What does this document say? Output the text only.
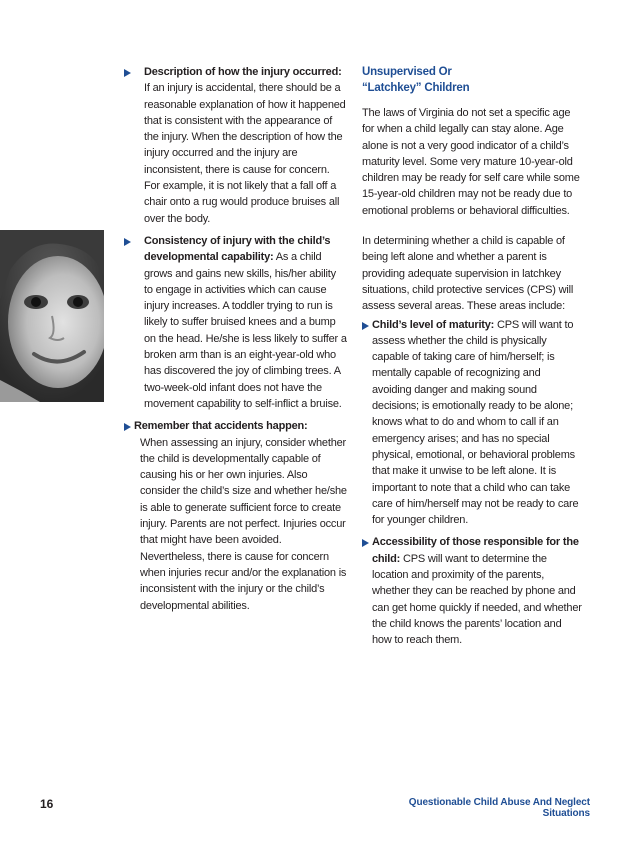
Description of how the injury occurred:
If an injury is accidental, there should be a reasonable explanation of how it happened that is consistent with the appearance of the injury. When the description of how the injury occurred and the injury are inconsistent, there is cause for concern. For example, it is not likely that a fall off a chair onto a rug would produce bruises all over the body.
Consistency of injury with the child’s developmental capability: As a child grows and gains new skills, his/her ability to engage in activities which can cause injury increases. A toddler trying to run is likely to suffer bruised knees and a bump on the head. He/she is less likely to suffer a broken arm than is an eight-year-old who has discovered the joy of climbing trees. A two-week-old infant does not have the movement capability to self-inflict a bruise.
Remember that accidents happen:
When assessing an injury, consider whether the child is developmentally capable of causing his or her own injuries. Also consider the child’s size and whether he/she is able to generate sufficient force to create injury. Parents are not perfect. Injuries occur that might have been avoided. Nevertheless, there is cause for concern when injuries recur and/or the explanation is inconsistent with the injury or the child’s developmental abilities.
Unsupervised Or
“Latchkey” Children

The laws of Virginia do not set a specific age for when a child legally can stay alone. Age alone is not a very good indicator of a child’s maturity level. Some very mature 10-year-old children may be ready for self care while some 15-year-old children may not be ready due to emotional problems or behavioral difficulties.

In determining whether a child is capable of being left alone and whether a parent is providing adequate supervision in latchkey situations, child protective services (CPS) will assess several areas. These areas include:

Child’s level of maturity: CPS will want to assess whether the child is physically capable of taking care of him/herself; is mentally capable of recognizing and avoiding danger and making sound decisions; is emotionally ready to be alone; knows what to do and whom to call if an emergency arises; and has no special physical, emotional, or behavioral problems that make it unwise to be left alone. It is important to note that a child who can take care of him/herself may not be ready to care for younger children.
Accessibility of those responsible for the child: CPS will want to determine the location and proximity of the parents, whether they can be reached by phone and can get home quickly if needed, and whether the child knows the parents’ location and how to reach them.
16	Questionable Child Abuse And Neglect Situations
